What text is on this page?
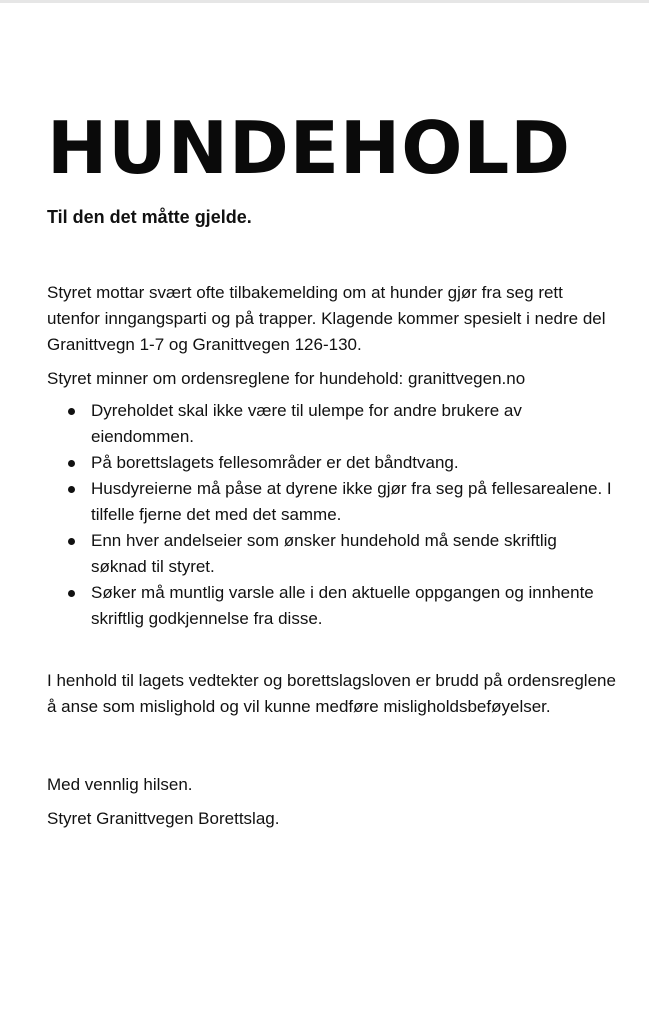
HUNDEHOLD

Til den det måtte gjelde.

Styret mottar svært ofte tilbakemelding om at hunder gjør fra seg rett utenfor inngangsparti og på trapper. Klagende kommer spesielt i nedre del Granittvegn 1-7 og Granittvegen 126-130.

Styret minner om ordensreglene for hundehold: granittvegen.no

Dyreholdet skal ikke være til ulempe for andre brukere av eiendommen.
På borettslagets fellesområder er det båndtvang.
Husdyreierne må påse at dyrene ikke gjør fra seg på fellesarealene. I tilfelle fjerne det med det samme.
Enn hver andelseier som ønsker hundehold må sende skriftlig søknad til styret.
Søker må muntlig varsle alle i den aktuelle oppgangen og innhente skriftlig godkjennelse fra disse.

I henhold til lagets vedtekter og borettslagsloven er brudd på ordensreglene å anse som mislighold og vil kunne medføre misligholdsbeføyelser.

Med vennlig hilsen.

Styret Granittvegen Borettslag.
